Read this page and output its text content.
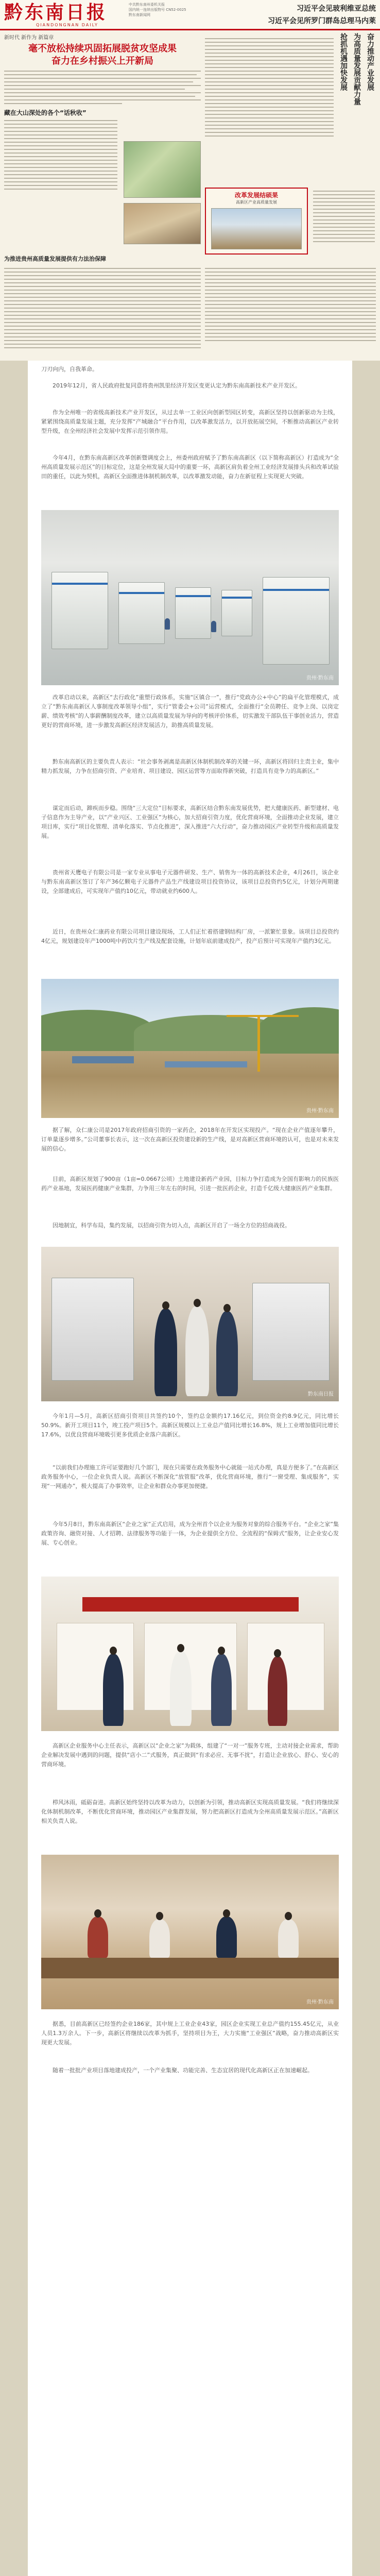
黔东南日报
QIANDONGNAN DAILY
中共黔东南州委机关报
国内统一连续出版物号 CN52-0025
黔东南新闻网
习近平会见玻利维亚总统
习近平会见所罗门群岛总理马内莱
新时代 新作为 新篇章
毫不放松持续巩固拓展脱贫攻坚成果
奋力在乡村振兴上开新局
藏在大山深处的各个“话秋收”
为推进贵州高质量发展提供有力法治保障
奋力推动产业发展
为高质量发展贡献力量
抢抓机遇加快发展
改革发展结硕果
高新区产业高质量发展

刀刃向内，自我革命。

2019年12月，省人民政府批复同意将贵州凯里经济开发区变更认定为黔东南高新技术产业开发区。

作为全州唯一的省级高新技术产业开发区，从过去单一工业区向创新型园区转变，高新区坚持以创新驱动为主线，紧紧围绕高质量发展主题，充分发挥“产城融合”平台作用，以改革激发活力，以开放拓展空间，不断推动高新区产业转型升级，在全州经济社会发展中发挥示范引领作用。

今年4月，在黔东南高新区改革创新暨调度会上，州委州政府赋予了黔东南高新区（以下简称高新区）打造成为“全州高质量发展示范区”的目标定位，这是全州发展大局中的重要一环，高新区肩负着全州工业经济发展排头兵和改革试验田的重任，以此为契机，高新区全面推进体制机制改革，以改革激发动能，奋力在新征程上实现更大突破。

贵州·黔东南

改革启动以来，高新区“去行政化”重塑行政体系，实施“区镇合一”，推行“党政办公+中心”的扁平化管理模式，成立了“黔东南高新区人事制度改革领导小组”，实行“管委会+公司”运营模式，全面推行“全员聘任、竞争上岗、以岗定薪、绩效考核”的人事薪酬制度改革，建立以高质量发展为导向的考核评价体系，切实激发干部队伍干事创业活力，营造更好的营商环境，进一步激发高新区经济发展活力，助推高质量发展。

黔东南高新区的主要负责人表示：“社会事务剥离是高新区体制机制改革的关键一环，高新区将回归主责主业，集中精力抓发展，力争在招商引资、产业培育、项目建设、园区运营等方面取得新突破，打造具有竞争力的高新区。”

谋定而后动，蹄疾而步稳。围绕“三大定位”目标要求，高新区结合黔东南发展优势，把大健康医药、新型建材、电子信息作为主导产业，以“产业兴区、工业强区”为核心，加大招商引资力度，优化营商环境，全面推动企业发展，建立项目库，实行“项目化管理、清单化落实、节点化推进”，深入推进“六大行动”，奋力推动园区产业转型升级和高质量发展。

贵州省天鹰电子有限公司是一家专业从事电子元器件研发、生产、销售为一体的高新技术企业，4月26日，该企业与黔东南高新区签订了年产36亿颗电子元器件产品生产线建设项目投资协议，该项目总投资约5亿元，计划分两期建设，全部建成后，可实现年产值约10亿元，带动就业约600人。

近日，在贵州众仁康药业有限公司项目建设现场，工人们正忙着搭建钢结构厂房，一派繁忙景象。该项目总投资约4亿元，规划建设年产1000吨中药饮片生产线及配套设施，计划年底前建成投产，投产后预计可实现年产值约3亿元。

贵州·黔东南

据了解，众仁康公司是2017年政府招商引资的一家药企，2018年在开发区实现投产。“现在企业产值逐年攀升，订单量逐步增多。”公司董事长表示，这一次在高新区投资建设新的生产线，是对高新区营商环境的认可，也是对未来发展的信心。

目前，高新区规划了900亩（1亩=0.0667公顷）土地建设新药产业园，目标力争打造成为全国有影响力的民族医药产业基地，发展医药健康产业集群，力争用三年左右的时间，引进一批医药企业，打造千亿级大健康医药产业集群。

因地制宜，科学布局，集约发展，以招商引资为切入点，高新区开启了一场全方位的招商战役。

黔东南日报

今年1月—5月，高新区招商引资项目共签约10个，签约总金额约17.16亿元，到位资金约8.9亿元，同比增长50.9%。新开工项目11个，竣工投产项目5个。高新区规模以上工业总产值同比增长16.8%，规上工业增加值同比增长17.6%，以优良营商环境吸引更多优质企业落户高新区。

“以前我们办理施工许可证要跑好几个部门，现在只需要在政务服务中心就能一站式办理，真是方便多了。”在高新区政务服务中心，一位企业负责人说。高新区不断深化“放管服”改革，优化营商环境，推行“一窗受理、集成服务”，实现“一网通办”，极大提高了办事效率，让企业和群众办事更加便捷。

今年5月8日，黔东南高新区“企业之家”正式启用，成为全州首个以企业为服务对象的综合服务平台。“企业之家”集政策咨询、融资对接、人才招聘、法律服务等功能于一体，为企业提供全方位、全流程的“保姆式”服务，让企业安心发展、专心创业。

高新区企业服务中心主任表示，高新区以“企业之家”为载体，组建了“一对一”服务专班，主动对接企业需求，帮助企业解决发展中遇到的问题，提供“店小二”式服务，真正做到“有求必应、无事不扰”，打造让企业放心、舒心、安心的营商环境。

栉风沐雨，砥砺奋进。高新区始终坚持以改革为动力，以创新为引领，推动高新区实现高质量发展。“我们将继续深化体制机制改革，不断优化营商环境，推动园区产业集群发展，努力把高新区打造成为全州高质量发展示范区。”高新区相关负责人说。

贵州·黔东南

据悉，目前高新区已经签约企业186家，其中规上工业企业43家，园区企业实现工业总产值约155.45亿元，从业人员1.3万余人。下一步，高新区将继续以改革为抓手，坚持项目为王，大力实施“工业强区”战略，奋力推动高新区实现更大发展。

随着一批批产业项目落地建成投产，一个产业集聚、功能完善、生态宜居的现代化高新区正在加速崛起。
